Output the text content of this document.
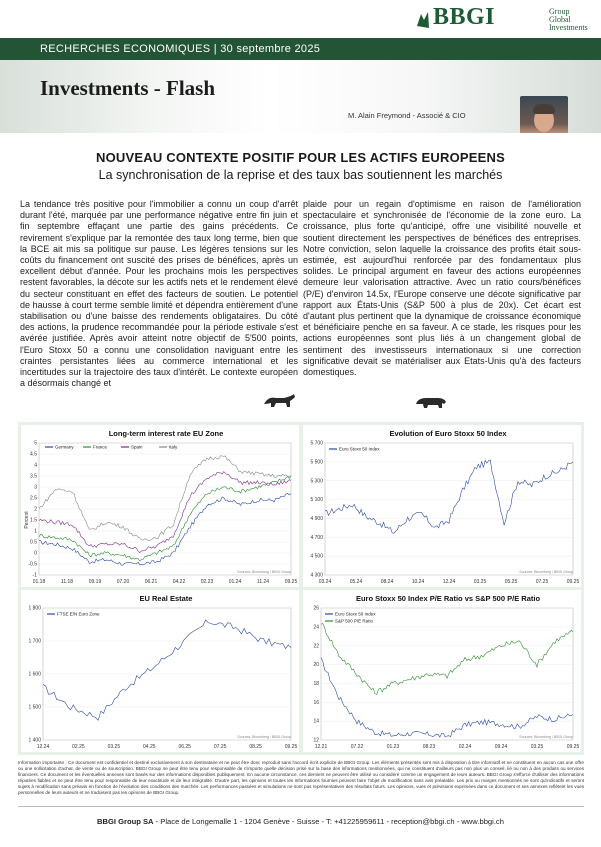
BBGI	Group
Global
Investments
RECHERCHES ECONOMIQUES | 30 septembre 2025
Investments - Flash
M. Alain Freymond - Associé & CIO
NOUVEAU CONTEXTE POSITIF POUR LES ACTIFS EUROPEENS
La synchronisation de la reprise et des taux bas soutiennent les marchés

La tendance très positive pour l'immobilier a connu un coup d'arrêt durant l'été, marquée par une performance négative entre fin juin et fin septembre effaçant une partie des gains précédents. Ce revirement s'explique par la remontée des taux long terme, bien que la BCE ait mis sa politique sur pause. Les légères tensions sur les coûts du financement ont suscité des prises de bénéfices, après un excellent début d'année. Pour les prochains mois les perspectives restent favorables, la décote sur les actifs nets et le rendement élevé du secteur constituant en effet des facteurs de soutien. Le potentiel de hausse à court terme semble limité et dépendra entièrement d'une stabilisation ou d'une baisse des rendements obligataires. Du côté des actions, la prudence recommandée pour la période estivale s'est avérée justifiée. Après avoir atteint notre objectif de 5'500 points, l'Euro Stoxx 50 a connu une consolidation naviguant entre les craintes persistantes liées au commerce international et les incertitudes sur la trajectoire des taux d'intérêt. Le contexte européen a désormais changé et

plaide pour un regain d'optimisme en raison de l'amélioration spectaculaire et synchronisée de l'économie de la zone euro. La croissance, plus forte qu'anticipé, offre une visibilité nouvelle et soutient directement les perspectives de bénéfices des entreprises. Notre conviction, selon laquelle la croissance des profits était sous-estimée, est aujourd'hui renforcée par des fondamentaux plus solides. Le principal argument en faveur des actions européennes demeure leur valorisation attractive. Avec un ratio cours/bénéfices (P/E) d'environ 14.5x, l'Europe conserve une décote significative par rapport aux États-Unis (S&P 500 à plus de 20x). Cet écart est d'autant plus pertinent que la dynamique de croissance économique et bénéficiaire penche en sa faveur. A ce stade, les risques pour les actions européennes sont plus liés à un changement global de sentiment des investisseurs internationaux si une correction significative devait se matérialiser aux Etats-Unis qu'à des facteurs domestiques.

Long-term interest rate EU Zone
Percent
5
4.5
4
3.5
3
2.5
2
1.5
1
0.5
0
-0.5
-1
01.18	11.18	09.19	07.20	06.21	04.22	02.23	01.24	11.24	09.25
Germany	France	Spain	Italy
Sources: Bloomberg / BBGI Group
Evolution of Euro Stoxx 50 Index
5 700
5 500
5 300
5 100
4 900
4 700
4 500
4 300
03.24	05.24	08.24	10.24	12.24	03.25	05.25	07.25	09.25
Euro Stoxx 50 Index
Sources: Bloomberg / BBGI Group
EU Real Estate
1 800
1 700
1 600
1 500
1 400
12.24	02.25	03.25	04.25	06.25	07.25	08.25	09.25
FTSE E/N Euro Zone
Sources: Bloomberg / BBGI Group
Euro Stoxx 50 Index P/E Ratio vs S&P 500 P/E Ratio
26
24
22
20
18
16
14
12
12.21	07.22	01.23	08.23	02.24	09.24	03.25	09.25
Euro Stoxx 50 Index
S&P 500 P/E Ratio
Sources: Bloomberg / BBGI Group
Information importante : Ce document est confidentiel et destiné exclusivement à son destinataire et ne peut être donc reproduit sans l'accord écrit explicite de BBGI Group. Les éléments présentés sont mis à disposition à titre informatif et ne constituent en aucun cas une offre ou une sollicitation d'achat, de vente ou de souscription. BBGI Group ne peut être tenu pour responsable de n'importe quelle décision prise sur la base des informations mentionnées, qui ne constituent d'ailleurs pas non plus un conseil, lié ou non à des produits ou services financiers. Ce document et les éventuelles annexes sont basés sur des informations disponibles publiquement. En aucune circonstance, ces derniers ne peuvent être utilisé ou considéré comme un engagement de leurs auteurs. BBGI Group s'efforce d'utiliser des informations réputées fiables et ne peut être tenu pour responsable de leur exactitude et de leur intégralité. D'autre part, les opinions et toutes les informations fournies peuvent faire l'objet de modification sans avis préalable. Les prix ou marges mentionnés ne sont qu'indicatifs et seront sujets à modification sans préavis en fonction de l'évolution des conditions des marchés. Les performances passées et simulations ne sont pas représentatives des résultats futurs. Les opinions, vues et prévisions exprimées dans ce document et ses annexes reflètent les vues personnelles de leurs auteurs et ne traduisent pas les opinions de BBGI Group.
BBGI Group SA - Place de Longemalle 1 - 1204 Genève - Suisse - T: +41225959611 - reception@bbgi.ch - www.bbgi.ch
